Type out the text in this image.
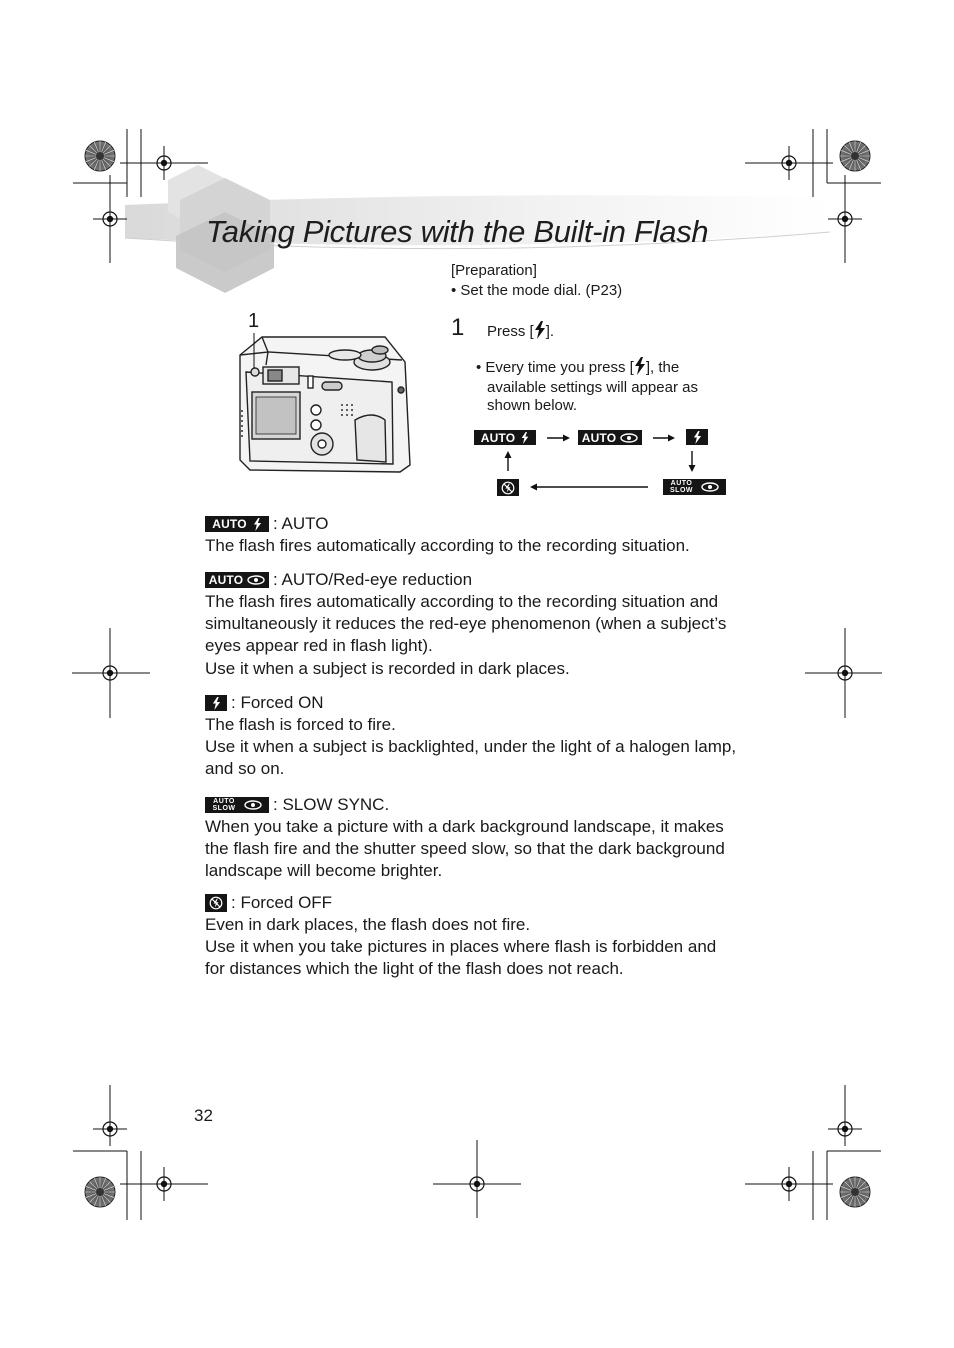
Taking Pictures with the Built-in Flash
[Preparation]
• Set the mode dial. (P23)
1	1 Press [ ].
• Every time you press [ ], the
available settings will appear as
shown below.
AUTO	AUTO
AUTO
SLOW
AUTO : AUTO

The flash fires automatically according to the recording situation.

AUTO : AUTO/Red-eye reduction

The flash fires automatically according to the recording situation and

simultaneously it reduces the red-eye phenomenon (when a subject’s

eyes appear red in flash light).

Use it when a subject is recorded in dark places.

: Forced ON

The flash is forced to fire.

Use it when a subject is backlighted, under the light of a halogen lamp,

and so on.

AUTO
SLOW : SLOW SYNC.

When you take a picture with a dark background landscape, it makes

the flash fire and the shutter speed slow, so that the dark background

landscape will become brighter.

: Forced OFF

Even in dark places, the flash does not fire.

Use it when you take pictures in places where flash is forbidden and

for distances which the light of the flash does not reach.

32
